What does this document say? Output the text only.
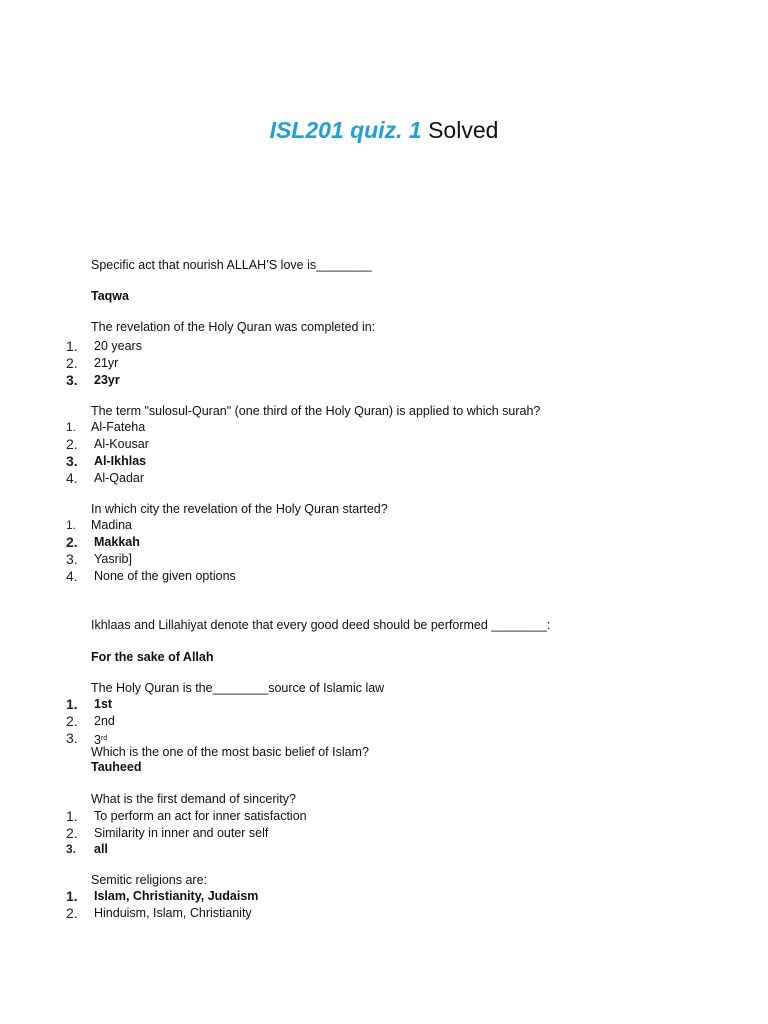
ISL201 quiz. 1 Solved
Specific act that nourish ALLAH’S love is________
Taqwa
The revelation of the Holy Quran was completed in:
1. 20 years
2. 21yr
3. 23yr
The term "sulosul-Quran" (one third of the Holy Quran) is applied to which surah?
1. Al-Fateha
2. Al-Kousar
3. Al-Ikhlas
4. Al-Qadar
In which city the revelation of the Holy Quran started?
1. Madina
2. Makkah
3. Yasrib]
4. None of the given options
Ikhlaas and Lillahiyat denote that every good deed should be performed ________:
For the sake of Allah
The Holy Quran is the________source of Islamic law
1. 1st
2. 2nd
3. 3rd
Which is the one of the most basic belief of Islam?
Tauheed
What is the first demand of sincerity?
1. To perform an act for inner satisfaction
2. Similarity in inner and outer self
3. all
Semitic religions are:
1. Islam, Christianity, Judaism
2. Hinduism, Islam, Christianity
